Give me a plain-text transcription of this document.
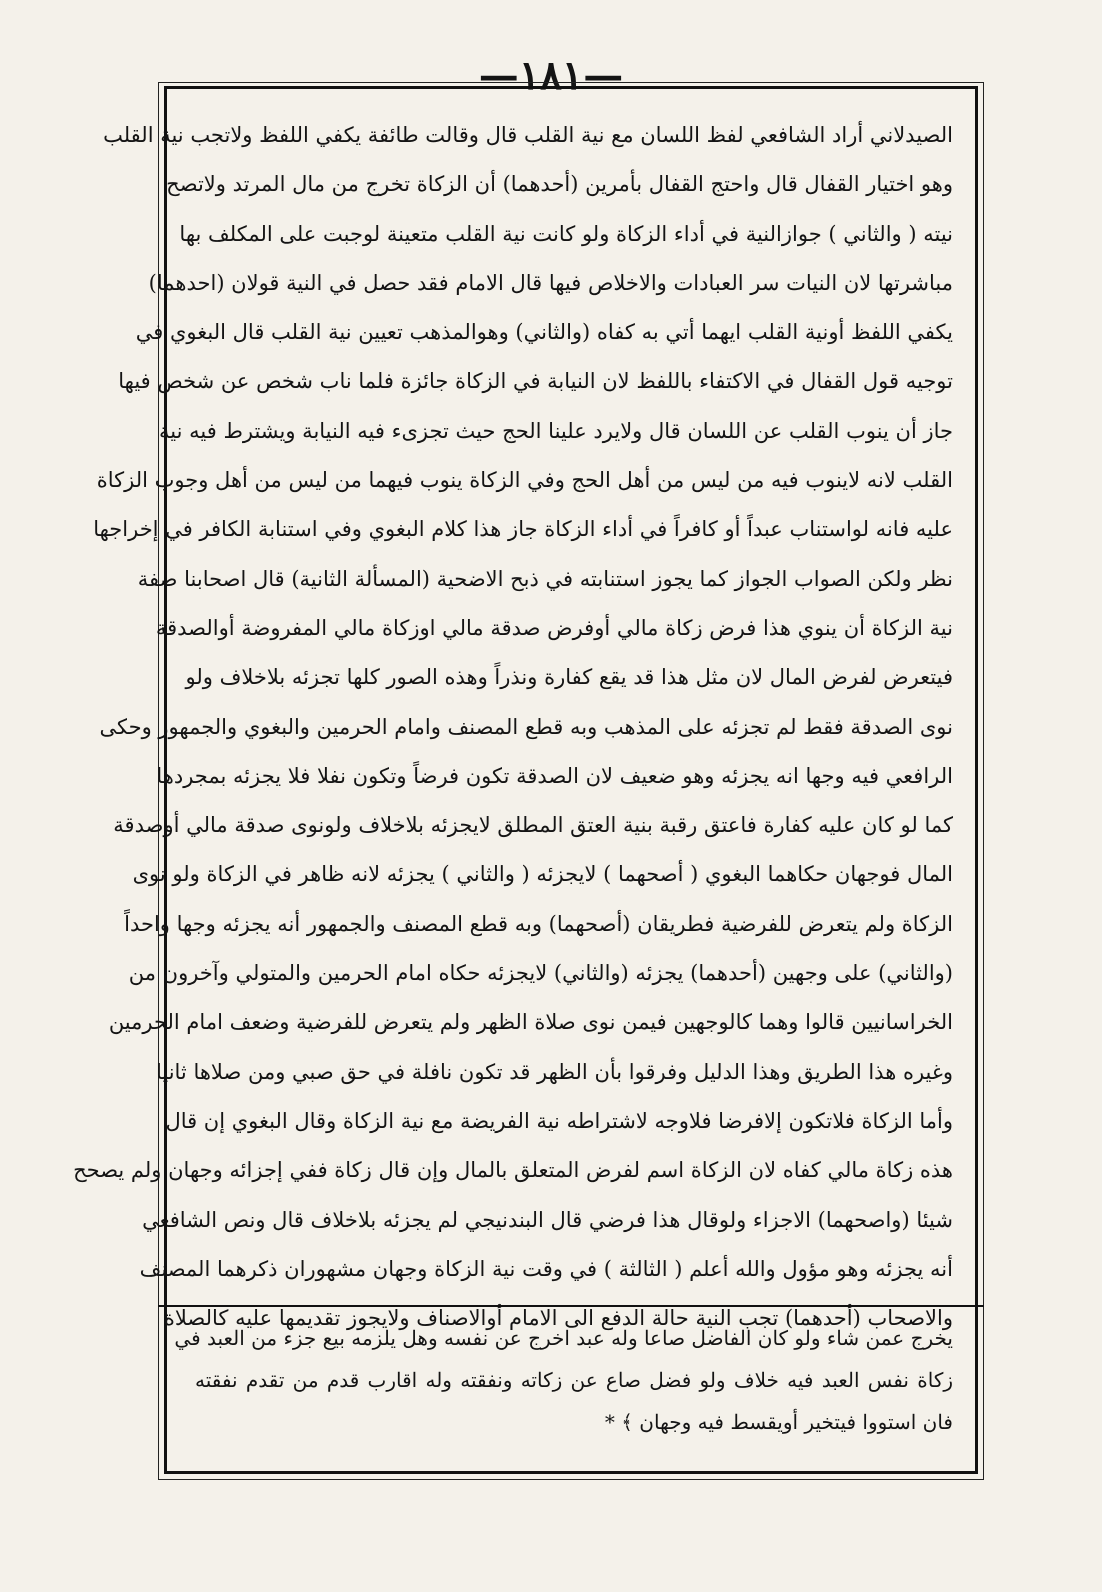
—١٨١—
الصيدلاني أراد الشافعي لفظ اللسان مع نية القلب قال وقالت طائفة يكفي اللفظ ولاتجب نية القلب
وهو اختيار القفال قال واحتج القفال بأمرين (أحدهما) أن الزكاة تخرج من مال المرتد ولاتصح
نيته ( والثاني ) جوازالنية في أداء الزكاة ولو كانت نية القلب متعينة لوجبت على المكلف بها
مباشرتها لان النيات سر العبادات والاخلاص فيها قال الامام فقد حصل في النية قولان (احدهما)
يكفي اللفظ أونية القلب ايهما أتي به كفاه (والثاني) وهوالمذهب تعيين نية القلب قال البغوي في
توجيه قول القفال في الاكتفاء باللفظ لان النيابة في الزكاة جائزة فلما ناب شخص عن شخص فيها
جاز أن ينوب القلب عن اللسان قال ولايرد علينا الحج حيث تجزىء فيه النيابة ويشترط فيه نية
القلب لانه لاينوب فيه من ليس من أهل الحج وفي الزكاة ينوب فيهما من ليس من أهل وجوب الزكاة
عليه فانه لواستناب عبداً أو كافراً في أداء الزكاة جاز هذا كلام البغوي وفي استنابة الكافر في إخراجها
نظر ولكن الصواب الجواز كما يجوز استنابته في ذبح الاضحية (المسألة الثانية) قال اصحابنا صفة
نية الزكاة أن ينوي هذا فرض زكاة مالي أوفرض صدقة مالي اوزكاة مالي المفروضة أوالصدقة
فيتعرض لفرض المال لان مثل هذا قد يقع كفارة ونذراً وهذه الصور كلها تجزئه بلاخلاف ولو
نوى الصدقة فقط لم تجزئه على المذهب وبه قطع المصنف وامام الحرمين والبغوي والجمهور وحكى
الرافعي فيه وجها انه يجزئه وهو ضعيف لان الصدقة تكون فرضاً وتكون نفلا فلا يجزئه بمجردها
كما لو كان عليه كفارة فاعتق رقبة بنية العتق المطلق لايجزئه بلاخلاف ولونوى صدقة مالي أوصدقة
المال فوجهان حكاهما البغوي ( أصحهما ) لايجزئه ( والثاني ) يجزئه لانه ظاهر في الزكاة ولو نوى
الزكاة ولم يتعرض للفرضية فطريقان (أصحهما) وبه قطع المصنف والجمهور أنه يجزئه وجها واحداً
(والثاني) على وجهين (أحدهما) يجزئه (والثاني) لايجزئه حكاه امام الحرمين والمتولي وآخرون من
الخراسانيين قالوا وهما كالوجهين فيمن نوى صلاة الظهر ولم يتعرض للفرضية وضعف امام الحرمين
وغيره هذا الطريق وهذا الدليل وفرقوا بأن الظهر قد تكون نافلة في حق صبي ومن صلاها ثانيا
وأما الزكاة فلاتكون إلافرضا فلاوجه لاشتراطه نية الفريضة مع نية الزكاة وقال البغوي إن قال
هذه زكاة مالي كفاه لان الزكاة اسم لفرض المتعلق بالمال وإن قال زكاة ففي إجزائه وجهان ولم يصحح
شيئا (واصحهما) الاجزاء ولوقال هذا فرضي قال البندنيجي لم يجزئه بلاخلاف قال ونص الشافعي
أنه يجزئه وهو مؤول والله أعلم ( الثالثة ) في وقت نية الزكاة وجهان مشهوران ذكرهما المصنف
والاصحاب (أحدهما) تجب النية حالة الدفع الى الامام أوالاصناف ولايجوز تقديمها عليه كالصلاة
يخرج عمن شاء ولو كان الفاضل صاعا وله عبد اخرج عن نفسه وهل يلزمه بيع جزء من العبد في
زكاة نفس العبد فيه خلاف ولو فضل صاع عن زكاته ونفقته وله اقارب قدم من تقدم نفقته
فان استووا فيتخير أويقسط فيه وجهان ﴾ *
